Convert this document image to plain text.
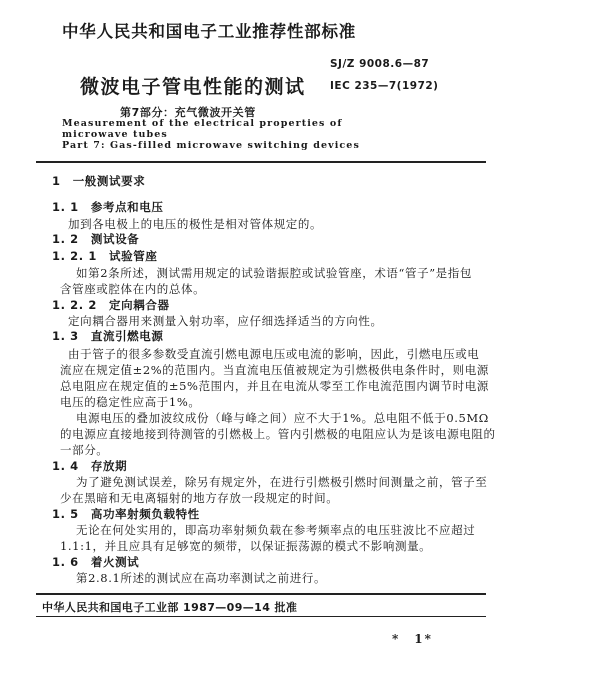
中华人民共和国电子工业推荐性部标准
SJ/Z 9008.6—87
微波电子管电性能的测试 IEC 235—7(1972)
第7部分：充气微波开关管
Measurement of the electrical properties of
microwave tubes
Part 7: Gas-filled microwave switching devices
1　一般测试要求
1. 1　参考点和电压
加到各电极上的电压的极性是相对管体规定的。
1. 2　测试设备
1. 2. 1　试验管座
如第2条所述，测试需用规定的试验谐振腔或试验管座，术语“管子”是指包
含管座或腔体在内的总体。
1. 2. 2　定向耦合器
定向耦合器用来测量入射功率，应仔细选择适当的方向性。
1. 3　直流引燃电源
由于管子的很多参数受直流引燃电源电压或电流的影响，因此，引燃电压或电
流应在规定值±2%的范围内。当直流电压值被规定为引燃极供电条件时，则电源
总电阻应在规定值的±5%范围内，并且在电流从零至工作电流范围内调节时电源
电压的稳定性应高于1%。
电源电压的叠加波纹成份（峰与峰之间）应不大于1%。总电阻不低于0.5MΩ
的电源应直接地接到待测管的引燃极上。管内引燃极的电阻应认为是该电源电阻的
一部分。
1. 4　存放期
为了避免测试误差，除另有规定外，在进行引燃极引燃时间测量之前，管子至
少在黑暗和无电离辐射的地方存放一段规定的时间。
1. 5　高功率射频负载特性
无论在何处实用的，即高功率射频负载在参考频率点的电压驻波比不应超过
1.1:1，并且应具有足够宽的频带，以保证振荡源的模式不影响测量。
1. 6　着火测试
第2.8.1所述的测试应在高功率测试之前进行。
中华人民共和国电子工业部 1987—09—14 批准
*　1*
